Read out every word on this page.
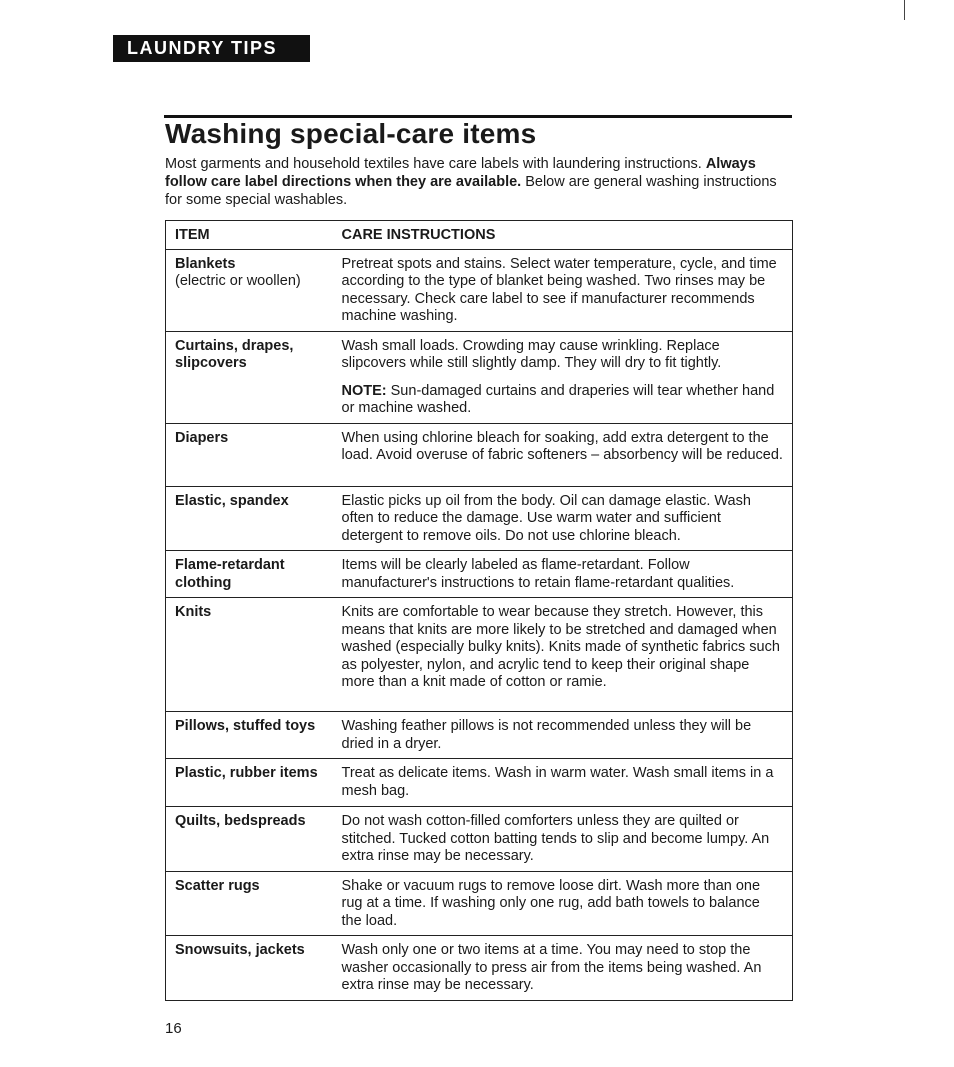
LAUNDRY TIPS
Washing special-care items

Most garments and household textiles have care labels with laundering instructions. Always follow care label directions when they are available. Below are general washing instructions for some special washables.

ITEM	CARE INSTRUCTIONS
Blankets
(electric or woollen)	Pretreat spots and stains. Select water temperature, cycle, and time according to the type of blanket being washed. Two rinses may be necessary. Check care label to see if manufacturer recommends machine washing.
Curtains, drapes, slipcovers	Wash small loads. Crowding may cause wrinkling. Replace slipcovers while still slightly damp. They will dry to fit tightly.
NOTE: Sun-damaged curtains and draperies will tear whether hand or machine washed.

Diapers	When using chlorine bleach for soaking, add extra detergent to the load. Avoid overuse of fabric softeners – absorbency will be reduced.
Elastic, spandex	Elastic picks up oil from the body. Oil can damage elastic. Wash often to reduce the damage. Use warm water and sufficient detergent to remove oils. Do not use chlorine bleach.
Flame-retardant clothing	Items will be clearly labeled as flame-retardant. Follow manufacturer's instructions to retain flame-retardant qualities.
Knits	Knits are comfortable to wear because they stretch. However, this means that knits are more likely to be stretched and damaged when washed (especially bulky knits). Knits made of synthetic fabrics such as polyester, nylon, and acrylic tend to keep their original shape more than a knit made of cotton or ramie.
Pillows, stuffed toys	Washing feather pillows is not recommended unless they will be dried in a dryer.
Plastic, rubber items	Treat as delicate items. Wash in warm water. Wash small items in a mesh bag.
Quilts, bedspreads	Do not wash cotton-filled comforters unless they are quilted or stitched. Tucked cotton batting tends to slip and become lumpy. An extra rinse may be necessary.
Scatter rugs	Shake or vacuum rugs to remove loose dirt. Wash more than one rug at a time. If washing only one rug, add bath towels to balance the load.
Snowsuits, jackets	Wash only one or two items at a time. You may need to stop the washer occasionally to press air from the items being washed. An extra rinse may be necessary.
16
